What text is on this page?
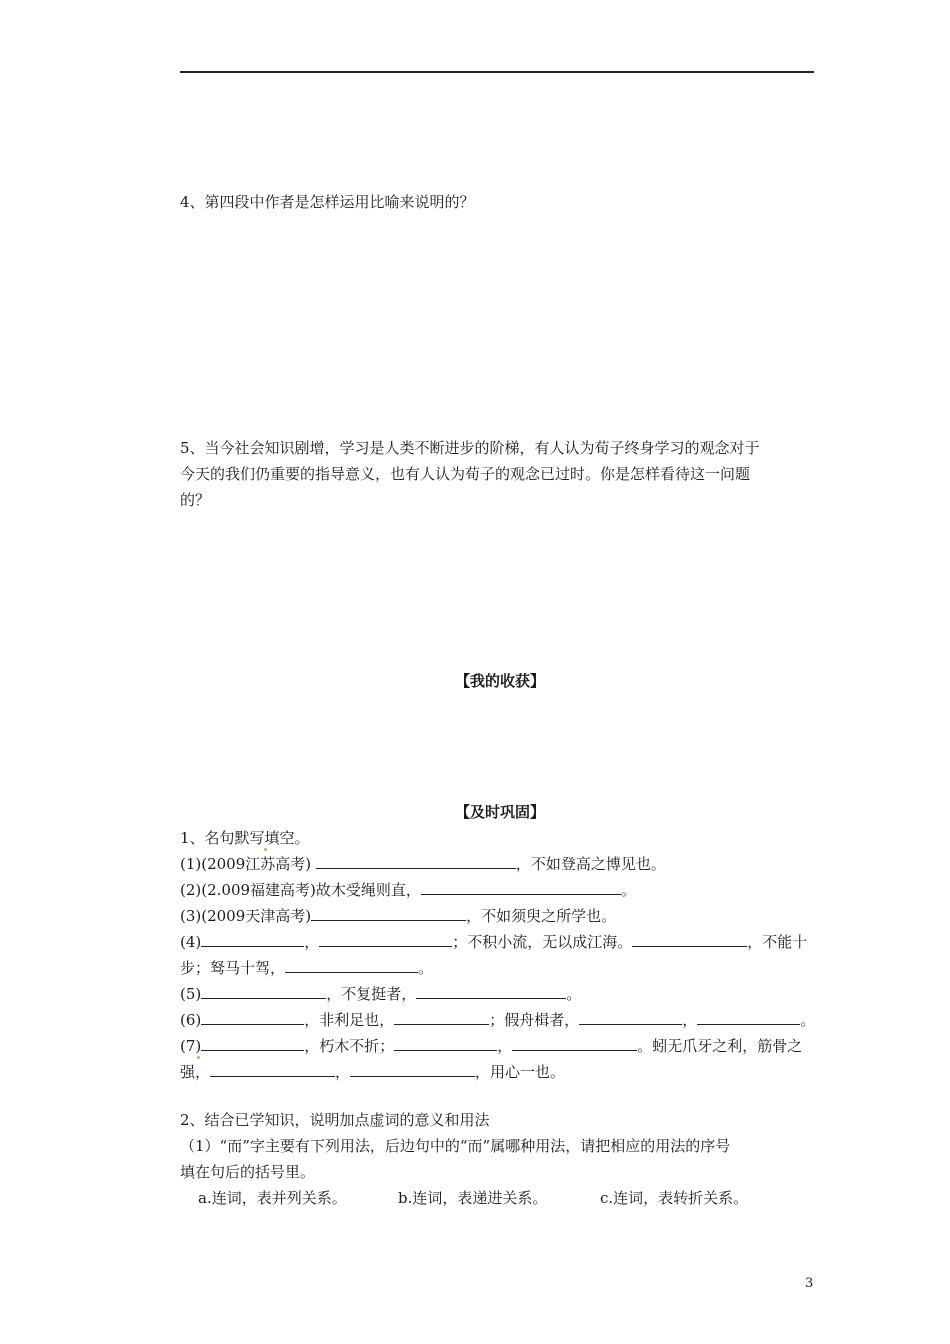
4、第四段中作者是怎样运用比喻来说明的？
5、当今社会知识剧增，学习是人类不断进步的阶梯，有人认为荀子终身学习的观念对于
今天的我们仍重要的指导意义，也有人认为荀子的观念已过时。你是怎样看待这一问题
的？
【我的收获】
【及时巩固】
1、名句默写填空。
(1)(2009江苏高考)	，不如登高之博见也。
(2)(2.009福建高考)故木受绳则直，	。
(3)(2009天津高考)	，不如须臾之所学也。
(4)	，	；不积小流，无以成江海。	，不能十
步；驽马十驾，	。
(5)	，不复挺者，	。
(6)	，非利足也，	；假舟楫者，	，	。
(7)	，朽木不折；	，	。蚓无爪牙之利，筋骨之
强，	，	，用心一也。
2、结合已学知识，说明加点虚词的意义和用法
（1）“而”字主要有下列用法，后边句中的“而”属哪种用法，请把相应的用法的序号
填在句后的括号里。
a.连词，表并列关系。	b.连词，表递进关系。	c.连词，表转折关系。
3
